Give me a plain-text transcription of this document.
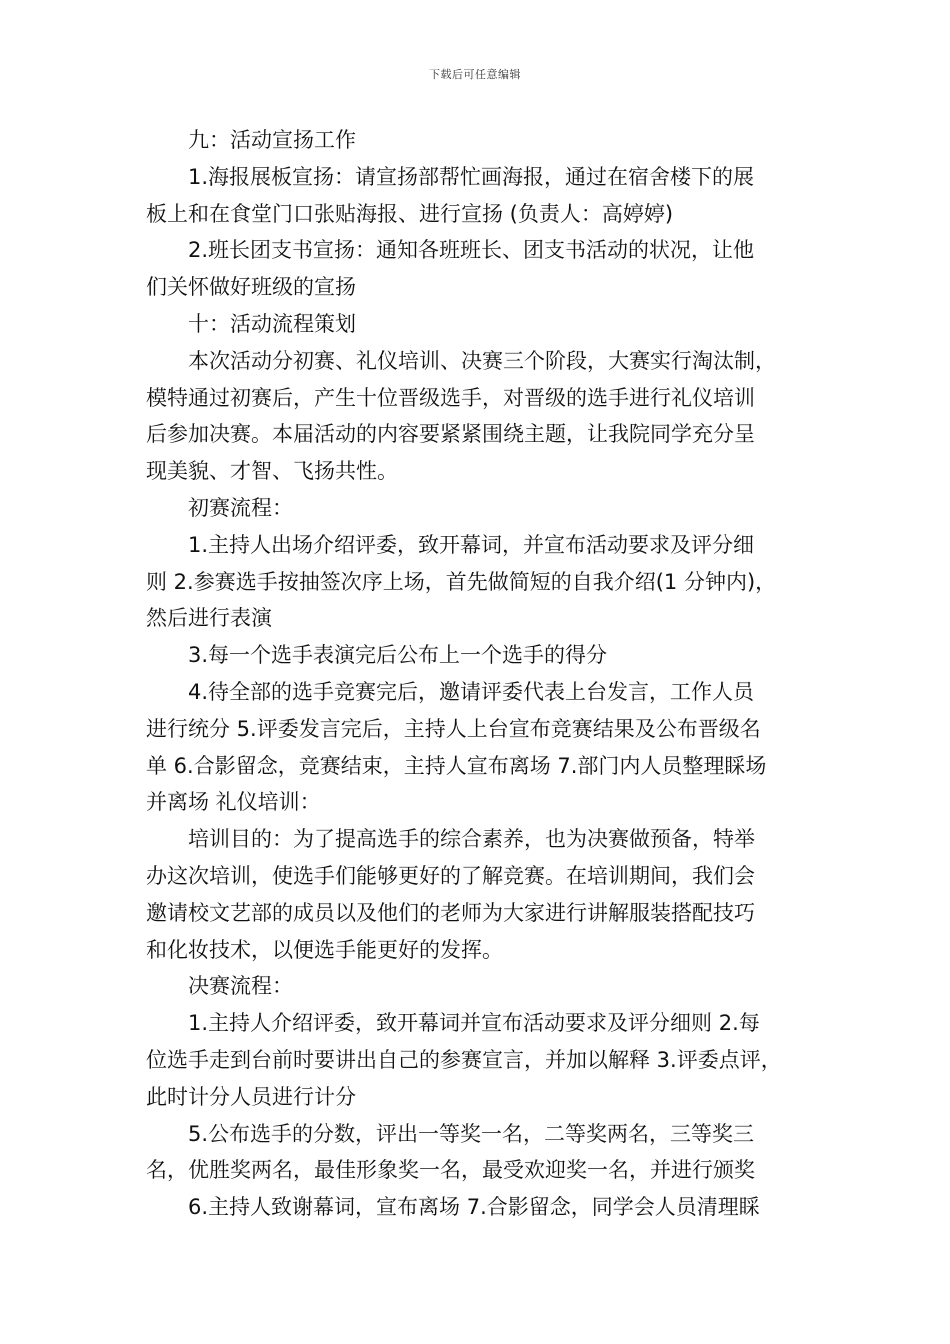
下载后可任意编辑

九：活动宣扬工作

1.海报展板宣扬：请宣扬部帮忙画海报，通过在宿舍楼下的展
板上和在食堂门口张贴海报、进行宣扬 (负责人：高婷婷)

2.班长团支书宣扬：通知各班班长、团支书活动的状况，让他
们关怀做好班级的宣扬

十：活动流程策划

本次活动分初赛、礼仪培训、决赛三个阶段，大赛实行淘汰制，
模特通过初赛后，产生十位晋级选手，对晋级的选手进行礼仪培训
后参加决赛。本届活动的内容要紧紧围绕主题，让我院同学充分呈
现美貌、才智、飞扬共性。

初赛流程：

1.主持人出场介绍评委，致开幕词，并宣布活动要求及评分细
则 2.参赛选手按抽签次序上场，首先做简短的自我介绍(1 分钟内)，
然后进行表演

3.每一个选手表演完后公布上一个选手的得分

4.待全部的选手竞赛完后，邀请评委代表上台发言，工作人员
进行统分 5.评委发言完后，主持人上台宣布竞赛结果及公布晋级名
单 6.合影留念，竞赛结束，主持人宣布离场 7.部门内人员整理睬场
并离场 礼仪培训：

培训目的：为了提高选手的综合素养，也为决赛做预备，特举
办这次培训，使选手们能够更好的了解竞赛。在培训期间，我们会
邀请校文艺部的成员以及他们的老师为大家进行讲解服装搭配技巧
和化妆技术，以便选手能更好的发挥。

决赛流程：

1.主持人介绍评委，致开幕词并宣布活动要求及评分细则 2.每
位选手走到台前时要讲出自己的参赛宣言，并加以解释 3.评委点评，
此时计分人员进行计分

5.公布选手的分数，评出一等奖一名，二等奖两名，三等奖三
名，优胜奖两名，最佳形象奖一名，最受欢迎奖一名，并进行颁奖

6.主持人致谢幕词，宣布离场 7.合影留念，同学会人员清理睬
